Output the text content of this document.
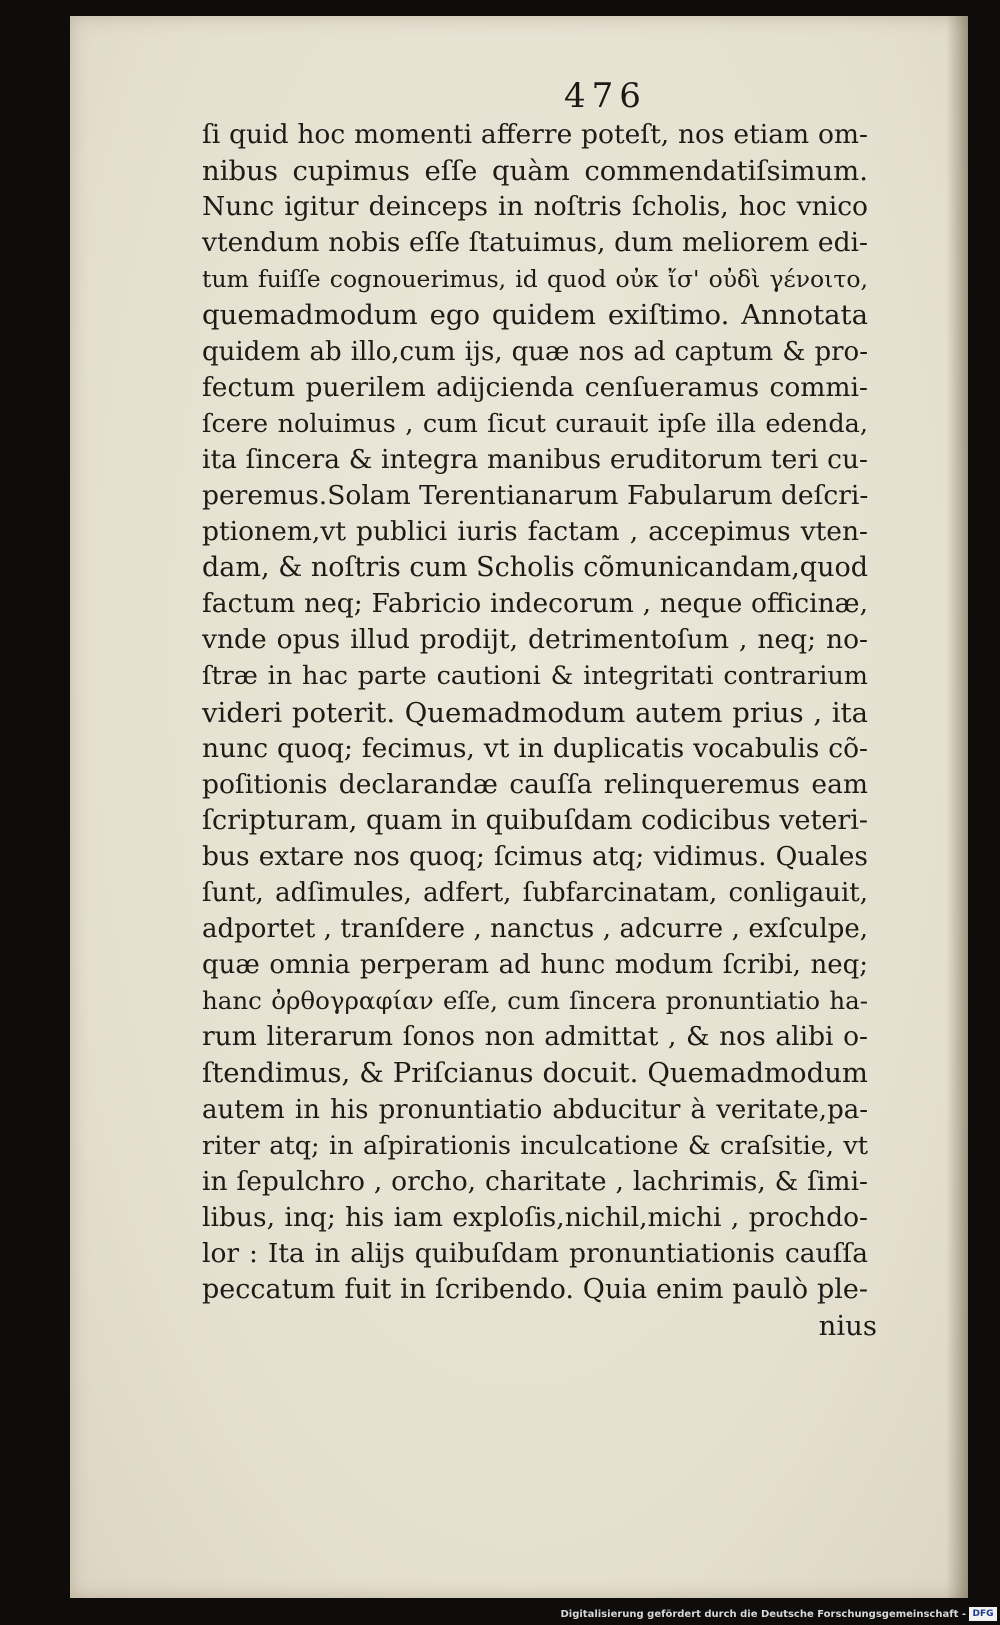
476
ſi quid hoc momenti afferre poteſt, nos etiam om-
nibus cupimus eſſe quàm commendatiſsimum.
Nunc igitur deinceps in noſtris ſcholis, hoc vnico
vtendum nobis eſſe ſtatuimus, dum meliorem edi-
tum fuiſſe cognouerimus, id quod οὐκ ἴσ' οὐδὶ γένοιτο,
quemadmodum ego quidem exiſtimo. Annotata
quidem ab illo,cum ijs, quæ nos ad captum & pro-
fectum puerilem adijcienda cenſueramus commi-
ſcere noluimus , cum ſicut curauit ipſe illa edenda,
ita ſincera & integra manibus eruditorum teri cu-
peremus.Solam Terentianarum Fabularum deſcri-
ptionem,vt publici iuris factam , accepimus vten-
dam, & noſtris cum Scholis cõmunicandam,quod
factum neq; Fabricio indecorum , neque officinæ,
vnde opus illud prodijt, detrimentoſum , neq; no-
ſtræ in hac parte cautioni & integritati contrarium
videri poterit. Quemadmodum autem prius , ita
nunc quoq; fecimus, vt in duplicatis vocabulis cõ-
poſitionis declarandæ cauſſa relinqueremus eam
ſcripturam, quam in quibuſdam codicibus veteri-
bus extare nos quoq; ſcimus atq; vidimus. Quales
ſunt, adſimules, adfert, ſubfarcinatam, conligauit,
adportet , tranſdere , nanctus , adcurre , exſculpe,
quæ omnia perperam ad hunc modum ſcribi, neq;
hanc ὀρθογραφίαν eſſe, cum ſincera pronuntiatio ha-
rum literarum ſonos non admittat , & nos alibi o-
ſtendimus, & Priſcianus docuit. Quemadmodum
autem in his pronuntiatio abducitur à veritate,pa-
riter atq; in aſpirationis inculcatione & craſsitie, vt
in ſepulchro , orcho, charitate , lachrimis, & ſimi-
libus, inq; his iam exploſis,nichil,michi , prochdo-
lor : Ita in alijs quibuſdam pronuntiationis cauſſa
peccatum fuit in ſcribendo. Quia enim paulò ple-
nius
Digitalisierung gefördert durch die Deutsche Forschungsgemeinschaft - DFG
